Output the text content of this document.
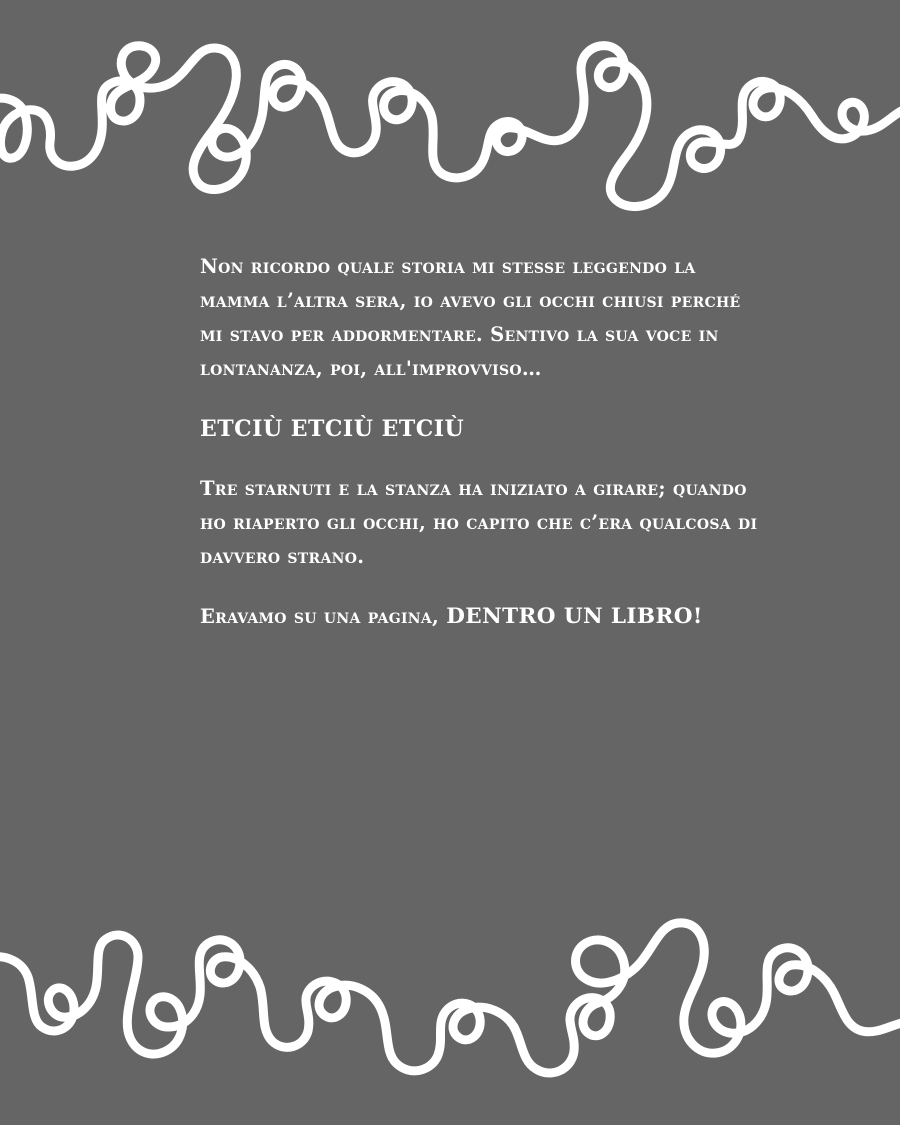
Non ricordo quale storia mi stesse leggendo la mamma l’altra sera, io avevo gli occhi chiusi perché mi stavo per addormentare. Sentivo la sua voce in lontananza, poi, all'improvviso…

ETCIÙ ETCIÙ ETCIÙ

Tre starnuti e la stanza ha iniziato a girare; quando ho riaperto gli occhi, ho capito che c’era qualcosa di davvero strano.

Eravamo su una pagina, DENTRO UN LIBRO!
